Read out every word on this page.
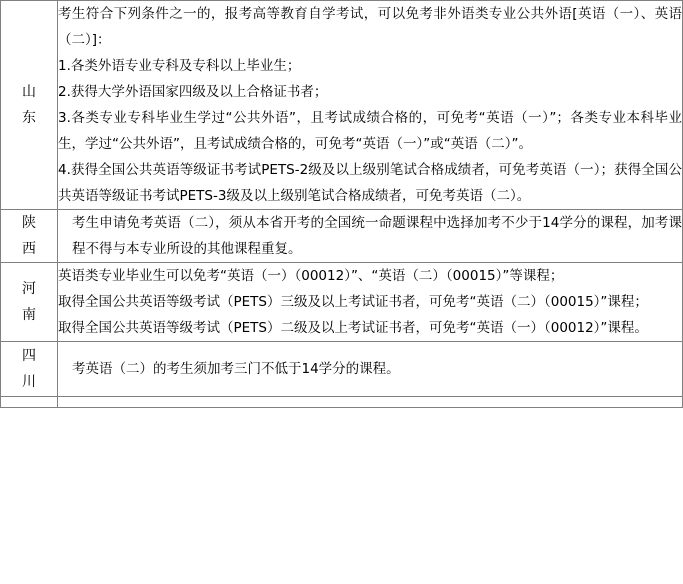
山东	考生符合下列条件之一的，报考高等教育自学考试，可以免考非外语类专业公共外语[英语（一）、英语（二）]：

1.各类外语专业专科及专科以上毕业生；

2.获得大学外语国家四级及以上合格证书者；

3.各类专业专科毕业生学过“公共外语”，且考试成绩合格的，可免考“英语（一）”；各类专业本科毕业生，学过“公共外语”，且考试成绩合格的，可免考“英语（一）”或“英语（二）”。

4.获得全国公共英语等级证书考试PETS-2级及以上级别笔试合格成绩者，可免考英语（一）；获得全国公共英语等级证书考试PETS-3级及以上级别笔试合格成绩者，可免考英语（二）。

陕西	考生申请免考英语（二），须从本省开考的全国统一命题课程中选择加考不少于14学分的课程，加考课程不得与本专业所设的其他课程重复。

河南	英语类专业毕业生可以免考“英语（一）（00012）”、“英语（二）（00015）”等课程；

取得全国公共英语等级考试（PETS）三级及以上考试证书者，可免考“英语（二）（00015）”课程；

取得全国公共英语等级考试（PETS）二级及以上考试证书者，可免考“英语（一）（00012）”课程。

四川	考英语（二）的考生须加考三门不低于14学分的课程。
